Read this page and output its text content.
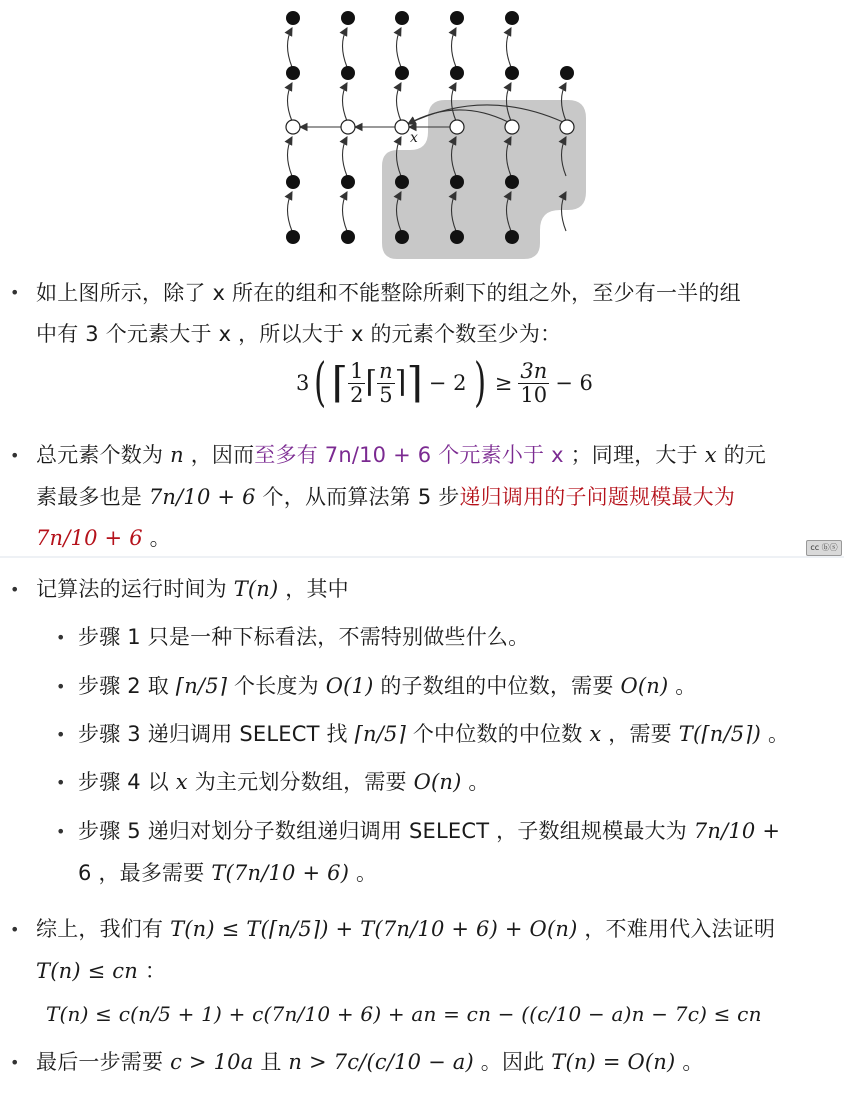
x
• 如上图所示，除了 x 所在的组和不能整除所剩下的组之外，至少有一半的组
中有 3 个元素大于 x ，所以大于 x 的元素个数至少为：
3 ( ⌈ $\frac{1}{2}$ ⌈ $\frac{n}{5}$ ⌉ ⌉ − 2 ) ≥ $\frac{3n}{10} - 6$
• 总元素个数为 n ，因而至多有 7n/10 + 6 个元素小于 x ；同理，大于 x 的元
素最多也是 7n/10 + 6 个，从而算法第 5 步递归调用的子问题规模最大为
7n/10 + 6 。	cc ⓑⓢ
• 记算法的运行时间为 T(n) ，其中
• 步骤 1 只是一种下标看法，不需特别做些什么。
• 步骤 2 取 ⌈n/5⌉ 个长度为 O(1) 的子数组的中位数，需要 O(n) 。
• 步骤 3 递归调用 SELECT 找 ⌈n/5⌉ 个中位数的中位数 x ，需要 T(⌈n/5⌉) 。
• 步骤 4 以 x 为主元划分数组，需要 O(n) 。
• 步骤 5 递归对划分子数组递归调用 SELECT ，子数组规模最大为 7n/10 +
6 ，最多需要 T(7n/10 + 6) 。
• 综上，我们有 T(n) ≤ T(⌈n/5⌉) + T(7n/10 + 6) + O(n) ，不难用代入法证明
T(n) ≤ cn ：
T(n) ≤ c(n/5 + 1) + c(7n/10 + 6) + an = cn − ((c/10 − a)n − 7c) ≤ cn
• 最后一步需要 c > 10a 且 n > 7c/(c/10 − a) 。因此 T(n) = O(n) 。
